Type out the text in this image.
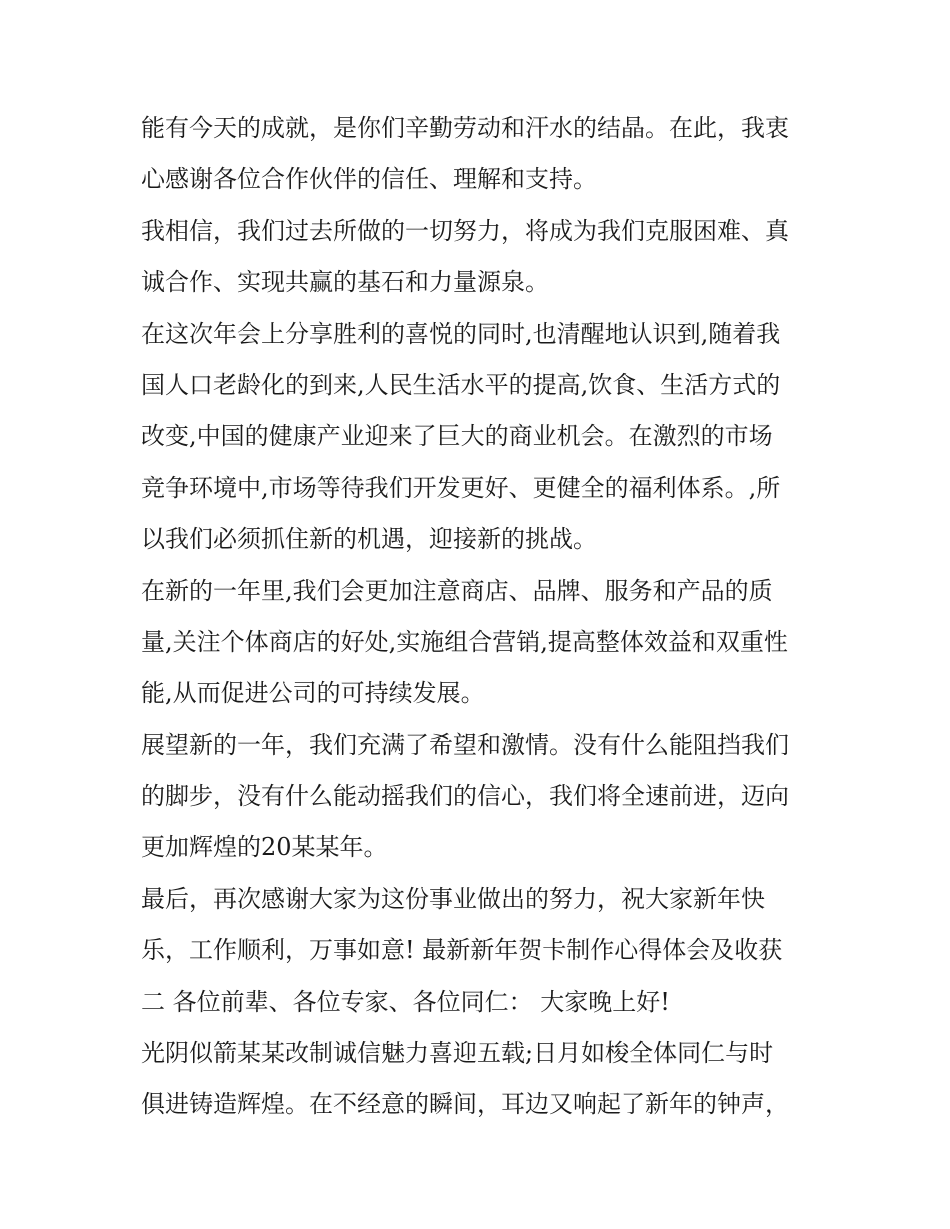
能有今天的成就，是你们辛勤劳动和汗水的结晶。在此，我衷
心感谢各位合作伙伴的信任、理解和支持。
我相信，我们过去所做的一切努力，将成为我们克服困难、真
诚合作、实现共赢的基石和力量源泉。
在这次年会上分享胜利的喜悦的同时,也清醒地认识到,随着我
国人口老龄化的到来,人民生活水平的提高,饮食、生活方式的
改变,中国的健康产业迎来了巨大的商业机会。在激烈的市场
竞争环境中,市场等待我们开发更好、更健全的福利体系。,所
以我们必须抓住新的机遇，迎接新的挑战。
在新的一年里,我们会更加注意商店、品牌、服务和产品的质
量,关注个体商店的好处,实施组合营销,提高整体效益和双重性
能,从而促进公司的可持续发展。
展望新的一年，我们充满了希望和激情。没有什么能阻挡我们
的脚步，没有什么能动摇我们的信心，我们将全速前进，迈向
更加辉煌的20某某年。
最后，再次感谢大家为这份事业做出的努力，祝大家新年快
乐，工作顺利，万事如意! 最新新年贺卡制作心得体会及收获
二 各位前辈、各位专家、各位同仁： 大家晚上好!
光阴似箭某某改制诚信魅力喜迎五载;日月如梭全体同仁与时
俱进铸造辉煌。在不经意的瞬间，耳边又响起了新年的钟声，
